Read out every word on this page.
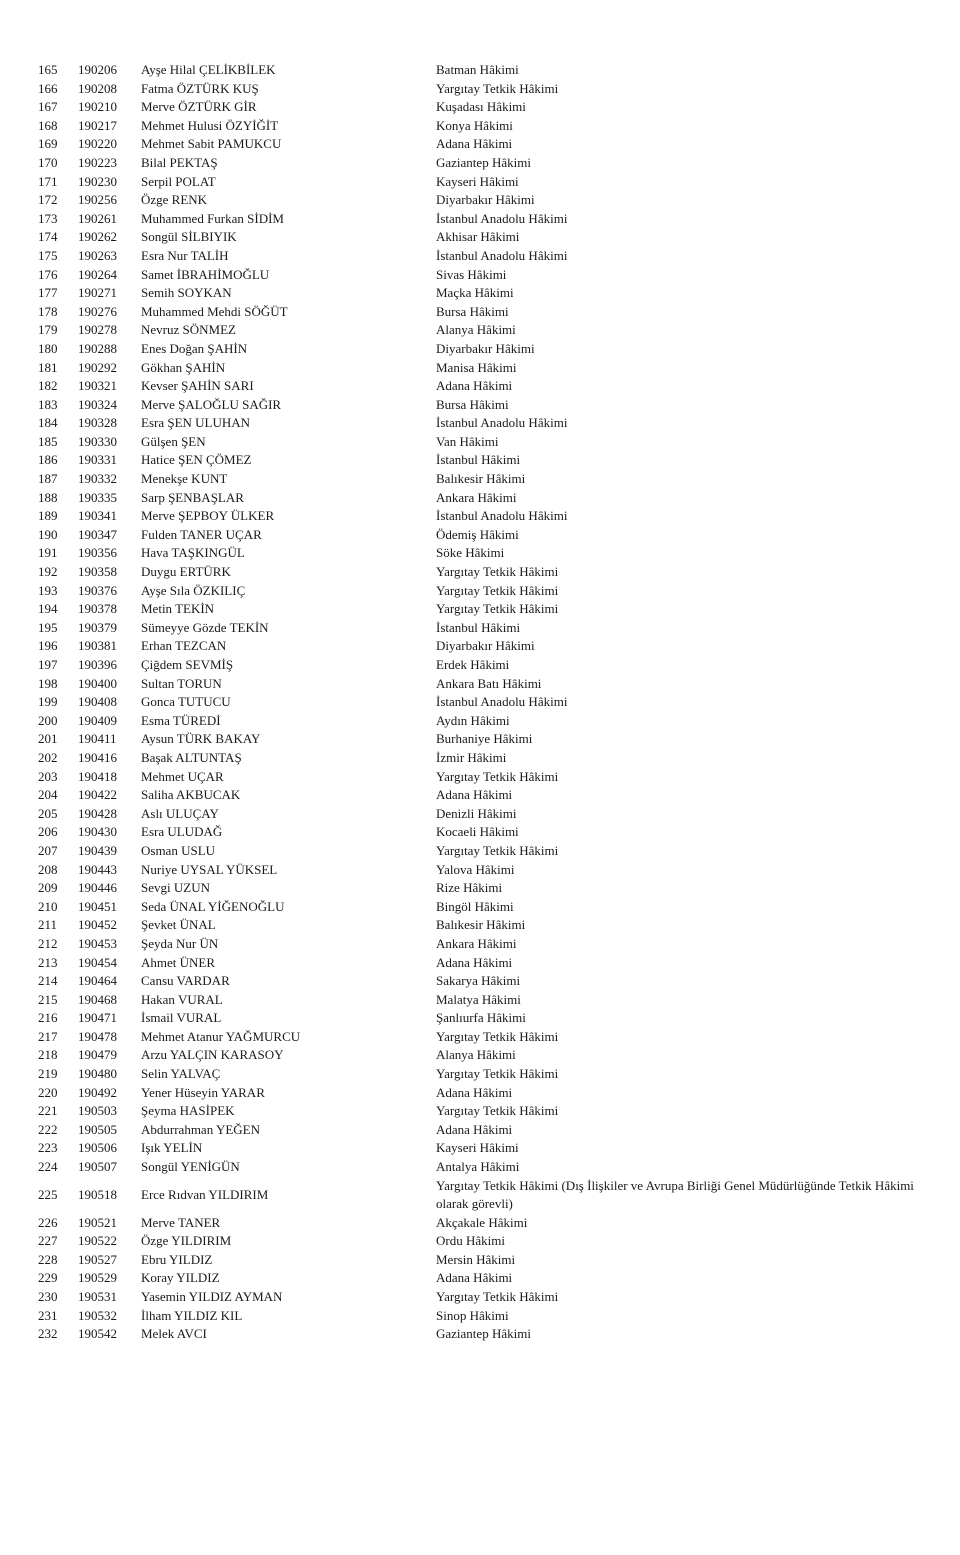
165	190206	Ayşe Hilal ÇELİKBİLEK	Batman Hâkimi
166	190208	Fatma ÖZTÜRK KUŞ	Yargıtay Tetkik Hâkimi
167	190210	Merve ÖZTÜRK GİR	Kuşadası Hâkimi
168	190217	Mehmet Hulusi ÖZYİĞİT	Konya Hâkimi
169	190220	Mehmet Sabit PAMUKCU	Adana Hâkimi
170	190223	Bilal PEKTAŞ	Gaziantep Hâkimi
171	190230	Serpil POLAT	Kayseri Hâkimi
172	190256	Özge RENK	Diyarbakır Hâkimi
173	190261	Muhammed Furkan SİDİM	İstanbul Anadolu Hâkimi
174	190262	Songül SİLBIYIK	Akhisar Hâkimi
175	190263	Esra Nur TALİH	İstanbul Anadolu Hâkimi
176	190264	Samet İBRAHİMOĞLU	Sivas Hâkimi
177	190271	Semih SOYKAN	Maçka Hâkimi
178	190276	Muhammed Mehdi SÖĞÜT	Bursa Hâkimi
179	190278	Nevruz SÖNMEZ	Alanya Hâkimi
180	190288	Enes Doğan ŞAHİN	Diyarbakır Hâkimi
181	190292	Gökhan ŞAHİN	Manisa Hâkimi
182	190321	Kevser ŞAHİN SARI	Adana Hâkimi
183	190324	Merve ŞALOĞLU SAĞIR	Bursa Hâkimi
184	190328	Esra ŞEN ULUHAN	İstanbul Anadolu Hâkimi
185	190330	Gülşen ŞEN	Van Hâkimi
186	190331	Hatice ŞEN ÇÖMEZ	İstanbul Hâkimi
187	190332	Menekşe KUNT	Balıkesir Hâkimi
188	190335	Sarp ŞENBAŞLAR	Ankara Hâkimi
189	190341	Merve ŞEPBOY ÜLKER	İstanbul Anadolu Hâkimi
190	190347	Fulden TANER UÇAR	Ödemiş Hâkimi
191	190356	Hava TAŞKINGÜL	Söke Hâkimi
192	190358	Duygu ERTÜRK	Yargıtay Tetkik Hâkimi
193	190376	Ayşe Sıla ÖZKILIÇ	Yargıtay Tetkik Hâkimi
194	190378	Metin TEKİN	Yargıtay Tetkik Hâkimi
195	190379	Sümeyye Gözde TEKİN	İstanbul Hâkimi
196	190381	Erhan TEZCAN	Diyarbakır Hâkimi
197	190396	Çiğdem SEVMİŞ	Erdek Hâkimi
198	190400	Sultan TORUN	Ankara Batı Hâkimi
199	190408	Gonca TUTUCU	İstanbul Anadolu Hâkimi
200	190409	Esma TÜREDİ	Aydın Hâkimi
201	190411	Aysun TÜRK BAKAY	Burhaniye Hâkimi
202	190416	Başak ALTUNTAŞ	İzmir Hâkimi
203	190418	Mehmet UÇAR	Yargıtay Tetkik Hâkimi
204	190422	Saliha AKBUCAK	Adana Hâkimi
205	190428	Aslı ULUÇAY	Denizli Hâkimi
206	190430	Esra ULUDAĞ	Kocaeli Hâkimi
207	190439	Osman USLU	Yargıtay Tetkik Hâkimi
208	190443	Nuriye UYSAL YÜKSEL	Yalova Hâkimi
209	190446	Sevgi UZUN	Rize Hâkimi
210	190451	Seda ÜNAL YİĞENOĞLU	Bingöl Hâkimi
211	190452	Şevket ÜNAL	Balıkesir Hâkimi
212	190453	Şeyda Nur ÜN	Ankara Hâkimi
213	190454	Ahmet ÜNER	Adana Hâkimi
214	190464	Cansu VARDAR	Sakarya Hâkimi
215	190468	Hakan VURAL	Malatya Hâkimi
216	190471	İsmail VURAL	Şanlıurfa Hâkimi
217	190478	Mehmet Atanur YAĞMURCU	Yargıtay Tetkik Hâkimi
218	190479	Arzu YALÇIN KARASOY	Alanya Hâkimi
219	190480	Selin YALVAÇ	Yargıtay Tetkik Hâkimi
220	190492	Yener Hüseyin YARAR	Adana Hâkimi
221	190503	Şeyma HASİPEK	Yargıtay Tetkik Hâkimi
222	190505	Abdurrahman YEĞEN	Adana Hâkimi
223	190506	Işık YELİN	Kayseri Hâkimi
224	190507	Songül YENİGÜN	Antalya Hâkimi
225	190518	Erce Rıdvan YILDIRIM
Yargıtay Tetkik Hâkimi (Dış İlişkiler ve Avrupa Birliği Genel Müdürlüğünde Tetkik Hâkimi olarak görevli)
226	190521	Merve TANER	Akçakale Hâkimi
227	190522	Özge YILDIRIM	Ordu Hâkimi
228	190527	Ebru YILDIZ	Mersin Hâkimi
229	190529	Koray YILDIZ	Adana Hâkimi
230	190531	Yasemin YILDIZ AYMAN	Yargıtay Tetkik Hâkimi
231	190532	İlham YILDIZ KIL	Sinop Hâkimi
232	190542	Melek AVCI	Gaziantep Hâkimi
